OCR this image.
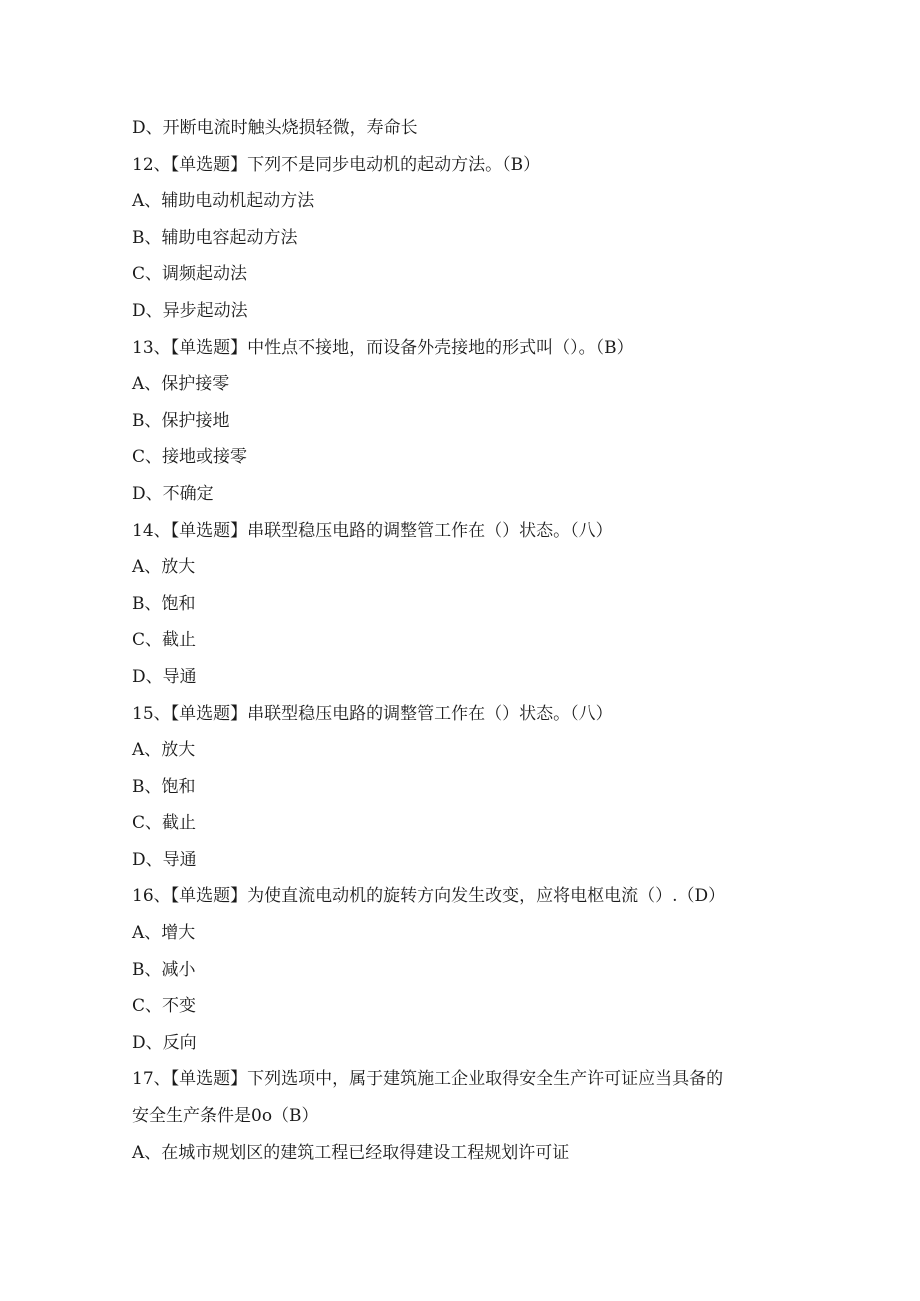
D、开断电流时触头烧损轻微，寿命长
12、【单选题】下列不是同步电动机的起动方法。（B）
A、辅助电动机起动方法
B、辅助电容起动方法
C、调频起动法
D、异步起动法
13、【单选题】中性点不接地，而设备外壳接地的形式叫（）。（B）
A、保护接零
B、保护接地
C、接地或接零
D、不确定
14、【单选题】串联型稳压电路的调整管工作在（）状态。（八）
A、放大
B、饱和
C、截止
D、导通
15、【单选题】串联型稳压电路的调整管工作在（）状态。（八）
A、放大
B、饱和
C、截止
D、导通
16、【单选题】为使直流电动机的旋转方向发生改变，应将电枢电流（）.（D）
A、增大
B、减小
C、不变
D、反向
17、【单选题】下列选项中，属于建筑施工企业取得安全生产许可证应当具备的
安全生产条件是0o（B）
A、在城市规划区的建筑工程已经取得建设工程规划许可证
